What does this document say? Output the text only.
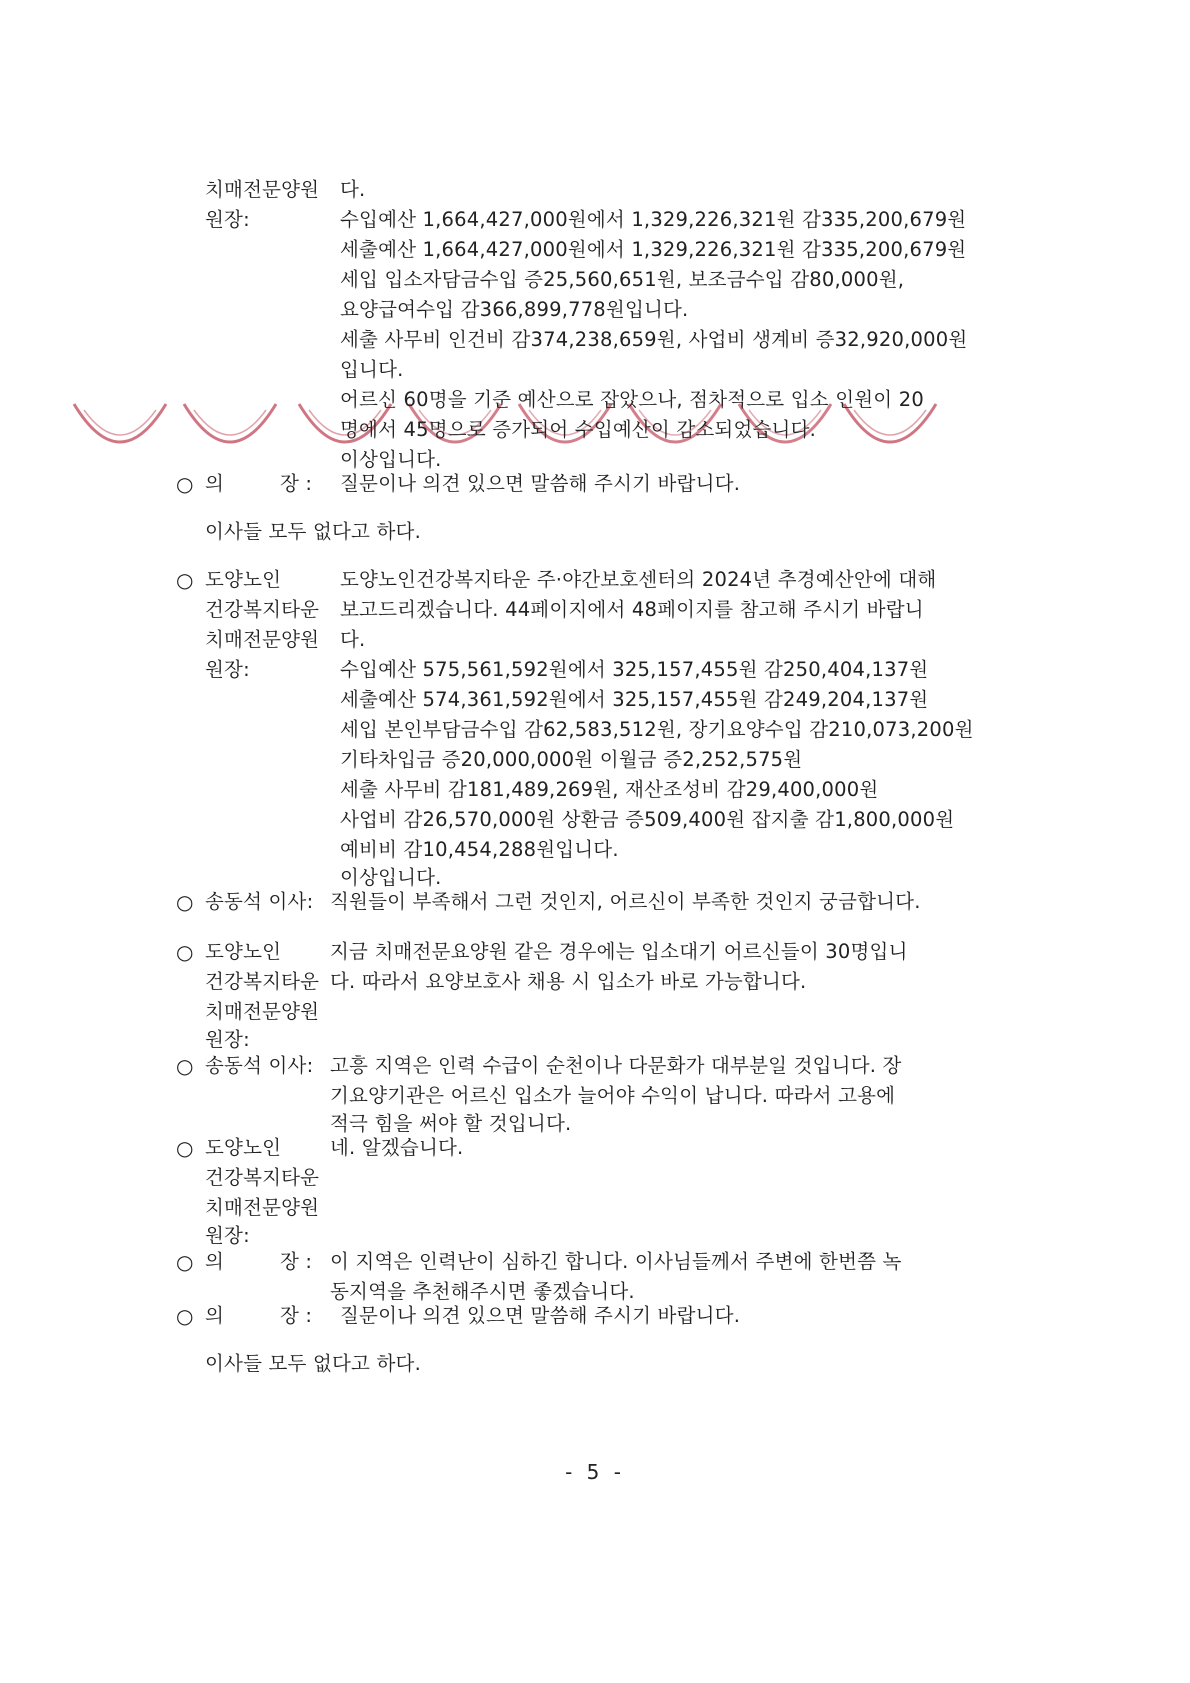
치매전문양원
원장:
다.
수입예산 1,664,427,000원에서 1,329,226,321원 감335,200,679원
세출예산 1,664,427,000원에서 1,329,226,321원 감335,200,679원
세입 입소자담금수입 증25,560,651원, 보조금수입 감80,000원,
요양급여수입 감366,899,778원입니다.
세출 사무비 인건비 감374,238,659원, 사업비 생계비 증32,920,000원
입니다.
어르신 60명을 기준 예산으로 잡았으나, 점차적으로 입소 인원이 20
명에서 45명으로 증가되어 수입예산이 감소되었습니다.
이상입니다.
○ 의	장 : 질문이나 의견 있으면 말씀해 주시기 바랍니다.
이사들 모두 없다고 하다.
○ 도양노인
건강복지타운
치매전문양원
원장:
도양노인건강복지타운 주·야간보호센터의 2024년 추경예산안에 대해
보고드리겠습니다. 44페이지에서 48페이지를 참고해 주시기 바랍니
다.
수입예산 575,561,592원에서 325,157,455원 감250,404,137원
세출예산 574,361,592원에서 325,157,455원 감249,204,137원
세입 본인부담금수입 감62,583,512원, 장기요양수입 감210,073,200원
기타차입금 증20,000,000원 이월금 증2,252,575원
세출 사무비 감181,489,269원, 재산조성비 감29,400,000원
사업비 감26,570,000원 상환금 증509,400원 잡지출 감1,800,000원
예비비 감10,454,288원입니다.
이상입니다.
○ 송동석 이사: 직원들이 부족해서 그런 것인지, 어르신이 부족한 것인지 궁금합니다.
○ 도양노인
건강복지타운
치매전문양원
원장:
지금 치매전문요양원 같은 경우에는 입소대기 어르신들이 30명입니
다. 따라서 요양보호사 채용 시 입소가 바로 가능합니다.
○ 송동석 이사: 고흥 지역은 인력 수급이 순천이나 다문화가 대부분일 것입니다. 장
기요양기관은 어르신 입소가 늘어야 수익이 납니다. 따라서 고용에
적극 힘을 써야 할 것입니다.
○ 도양노인
건강복지타운
치매전문양원
원장:
네. 알겠습니다.
○ 의	장 : 이 지역은 인력난이 심하긴 합니다. 이사님들께서 주변에 한번쯤 녹
동지역을 추천해주시면 좋겠습니다.
○ 의	장 : 질문이나 의견 있으면 말씀해 주시기 바랍니다.
이사들 모두 없다고 하다.
- 5 -
